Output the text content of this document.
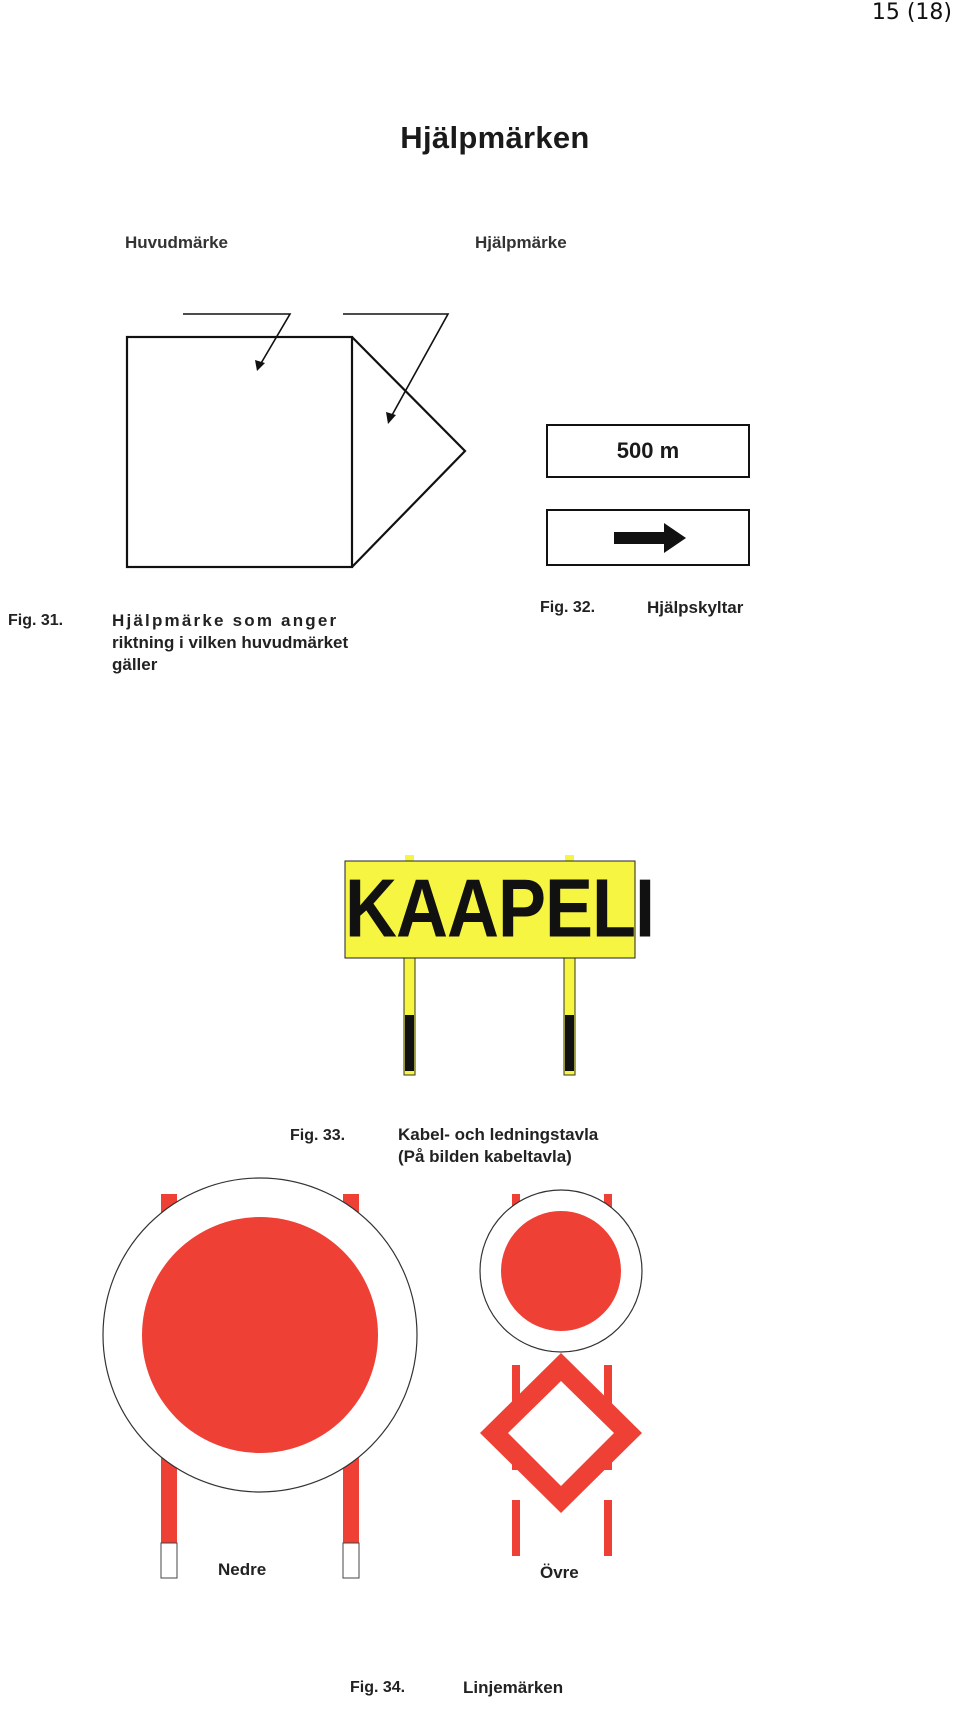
15 (18)
Hjälpmärken
Huvudmärke	Hjälpmärke
500 m
Fig. 31.	Hjälpmärke som anger
riktning i vilken huvudmärket
gäller
Fig. 32.	Hjälpskyltar
KAAPELI
Fig. 33.	Kabel- och ledningstavla
(På bilden kabeltavla)
Nedre	Övre
Fig. 34.	Linjemärken
